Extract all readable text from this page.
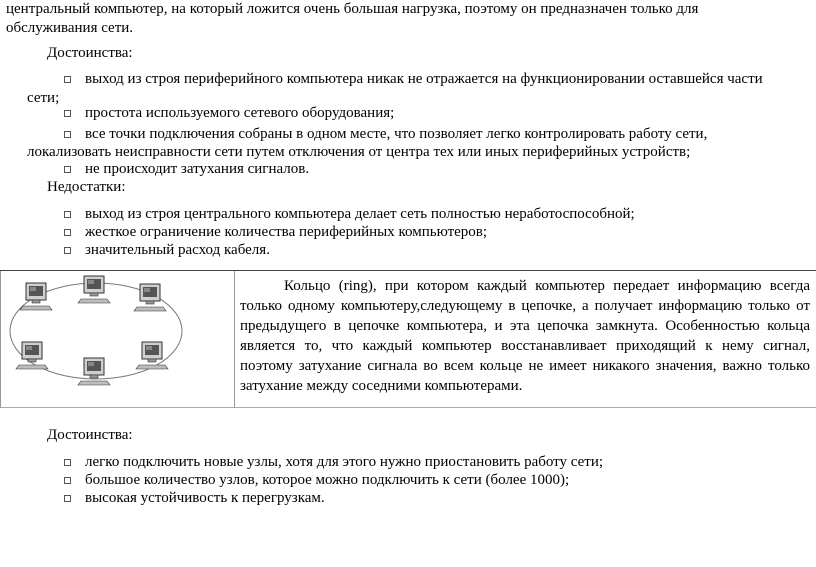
центральный компьютер, на который ложится очень большая нагрузка, поэтому он предназначен только для
обслуживания сети.
Достоинства:
выход из строя периферийного компьютера никак не отражается на функционировании оставшейся части
сети;
простота используемого сетевого оборудования;
все точки подключения собраны в одном месте, что позволяет легко контролировать работу сети,
локализовать неисправности сети путем отключения от центра тех или иных периферийных устройств;
не происходит затухания сигналов.
Недостатки:
выход из строя центрального компьютера делает сеть полностью неработоспособной;
жесткое ограничение количества периферийных компьютеров;
значительный расход кабеля.

Кольцо (ring), при котором каждый компьютер передает информацию всегда только одному компьютеру,следующему в цепочке, а получает информацию только от предыдущего в цепочке компьютера, и эта цепочка замкнута. Особенностью кольца является то, что каждый компьютер восстанавливает приходящий к нему сигнал, поэтому затухание сигнала во всем кольце не имеет никакого значения, важно только затухание между соседними компьютерами.

Достоинства:
легко подключить новые узлы, хотя для этого нужно приостановить работу сети;
большое количество узлов, которое можно подключить к сети (более 1000);
высокая устойчивость к перегрузкам.
